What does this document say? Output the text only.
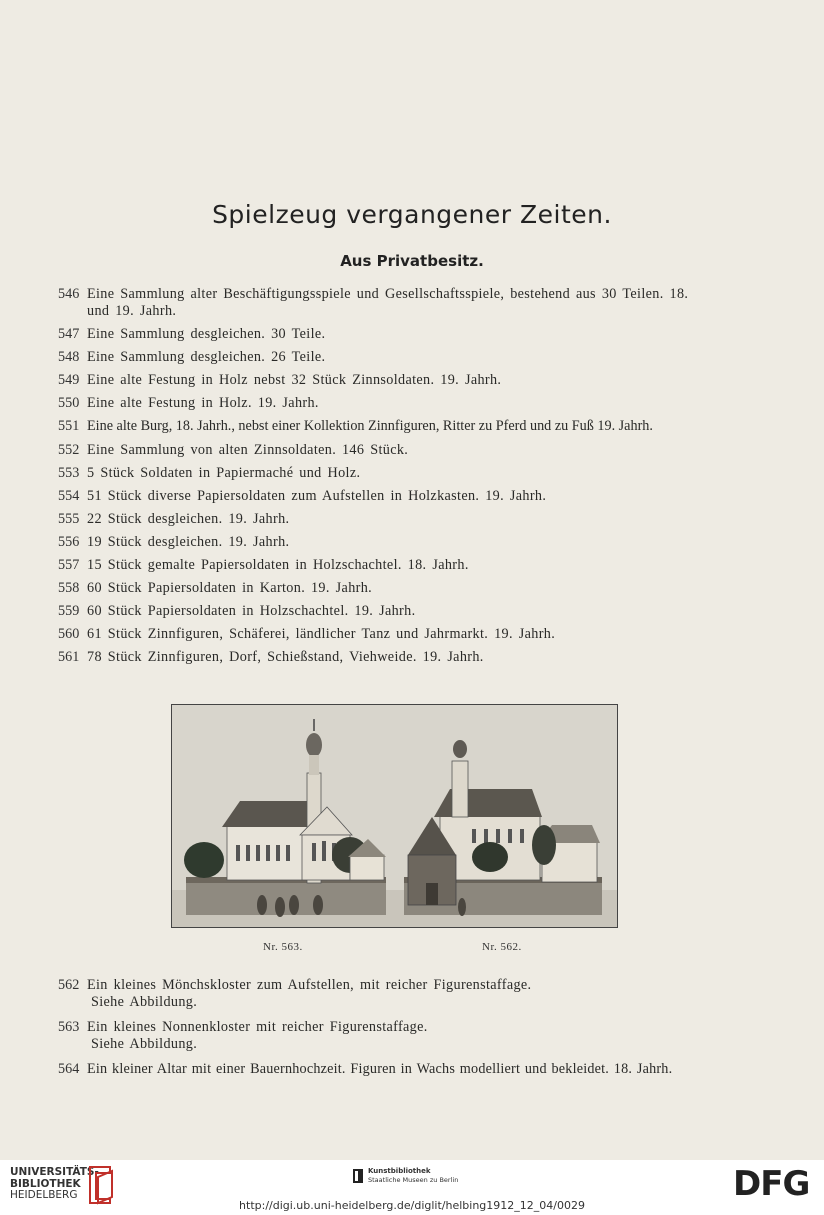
Spielzeug vergangener Zeiten.
Aus Privatbesitz.
546 Eine Sammlung alter Beschäftigungsspiele und Gesellschaftsspiele, bestehend aus 30 Teilen. 18.
und 19. Jahrh.
547 Eine Sammlung desgleichen. 30 Teile.
548 Eine Sammlung desgleichen. 26 Teile.
549 Eine alte Festung in Holz nebst 32 Stück Zinnsoldaten. 19. Jahrh.
550 Eine alte Festung in Holz. 19. Jahrh.
551 Eine alte Burg, 18. Jahrh., nebst einer Kollektion Zinnfiguren, Ritter zu Pferd und zu Fuß 19. Jahrh.
552 Eine Sammlung von alten Zinnsoldaten. 146 Stück.
553 5 Stück Soldaten in Papiermaché und Holz.
554 51 Stück diverse Papiersoldaten zum Aufstellen in Holzkasten. 19. Jahrh.
555 22 Stück desgleichen. 19. Jahrh.
556 19 Stück desgleichen. 19. Jahrh.
557 15 Stück gemalte Papiersoldaten in Holzschachtel. 18. Jahrh.
558 60 Stück Papiersoldaten in Karton. 19. Jahrh.
559 60 Stück Papiersoldaten in Holzschachtel. 19. Jahrh.
560 61 Stück Zinnfiguren, Schäferei, ländlicher Tanz und Jahrmarkt. 19. Jahrh.
561 78 Stück Zinnfiguren, Dorf, Schießstand, Viehweide. 19. Jahrh.
Nr. 563.	Nr. 562.
562 Ein kleines Mönchskloster zum Aufstellen, mit reicher Figurenstaffage.
Siehe Abbildung.
563 Ein kleines Nonnenkloster mit reicher Figurenstaffage.
Siehe Abbildung.
564 Ein kleiner Altar mit einer Bauernhochzeit. Figuren in Wachs modelliert und bekleidet. 18. Jahrh.
UNIVERSITÄTS-
BIBLIOTHEK
HEIDELBERG
Kunstbibliothek
Staatliche Museen zu Berlin	DFG
http://digi.ub.uni-heidelberg.de/diglit/helbing1912_12_04/0029
